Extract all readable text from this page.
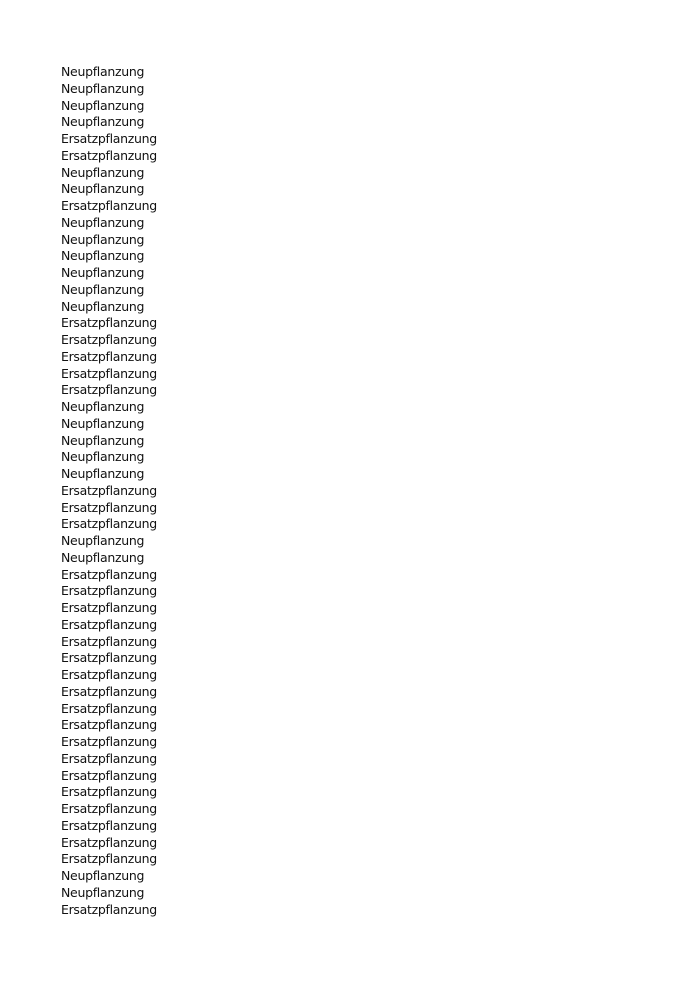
Neupflanzung
Neupflanzung
Neupflanzung
Neupflanzung
Ersatzpflanzung
Ersatzpflanzung
Neupflanzung
Neupflanzung
Ersatzpflanzung
Neupflanzung
Neupflanzung
Neupflanzung
Neupflanzung
Neupflanzung
Neupflanzung
Ersatzpflanzung
Ersatzpflanzung
Ersatzpflanzung
Ersatzpflanzung
Ersatzpflanzung
Neupflanzung
Neupflanzung
Neupflanzung
Neupflanzung
Neupflanzung
Ersatzpflanzung
Ersatzpflanzung
Ersatzpflanzung
Neupflanzung
Neupflanzung
Ersatzpflanzung
Ersatzpflanzung
Ersatzpflanzung
Ersatzpflanzung
Ersatzpflanzung
Ersatzpflanzung
Ersatzpflanzung
Ersatzpflanzung
Ersatzpflanzung
Ersatzpflanzung
Ersatzpflanzung
Ersatzpflanzung
Ersatzpflanzung
Ersatzpflanzung
Ersatzpflanzung
Ersatzpflanzung
Ersatzpflanzung
Ersatzpflanzung
Neupflanzung
Neupflanzung
Ersatzpflanzung
